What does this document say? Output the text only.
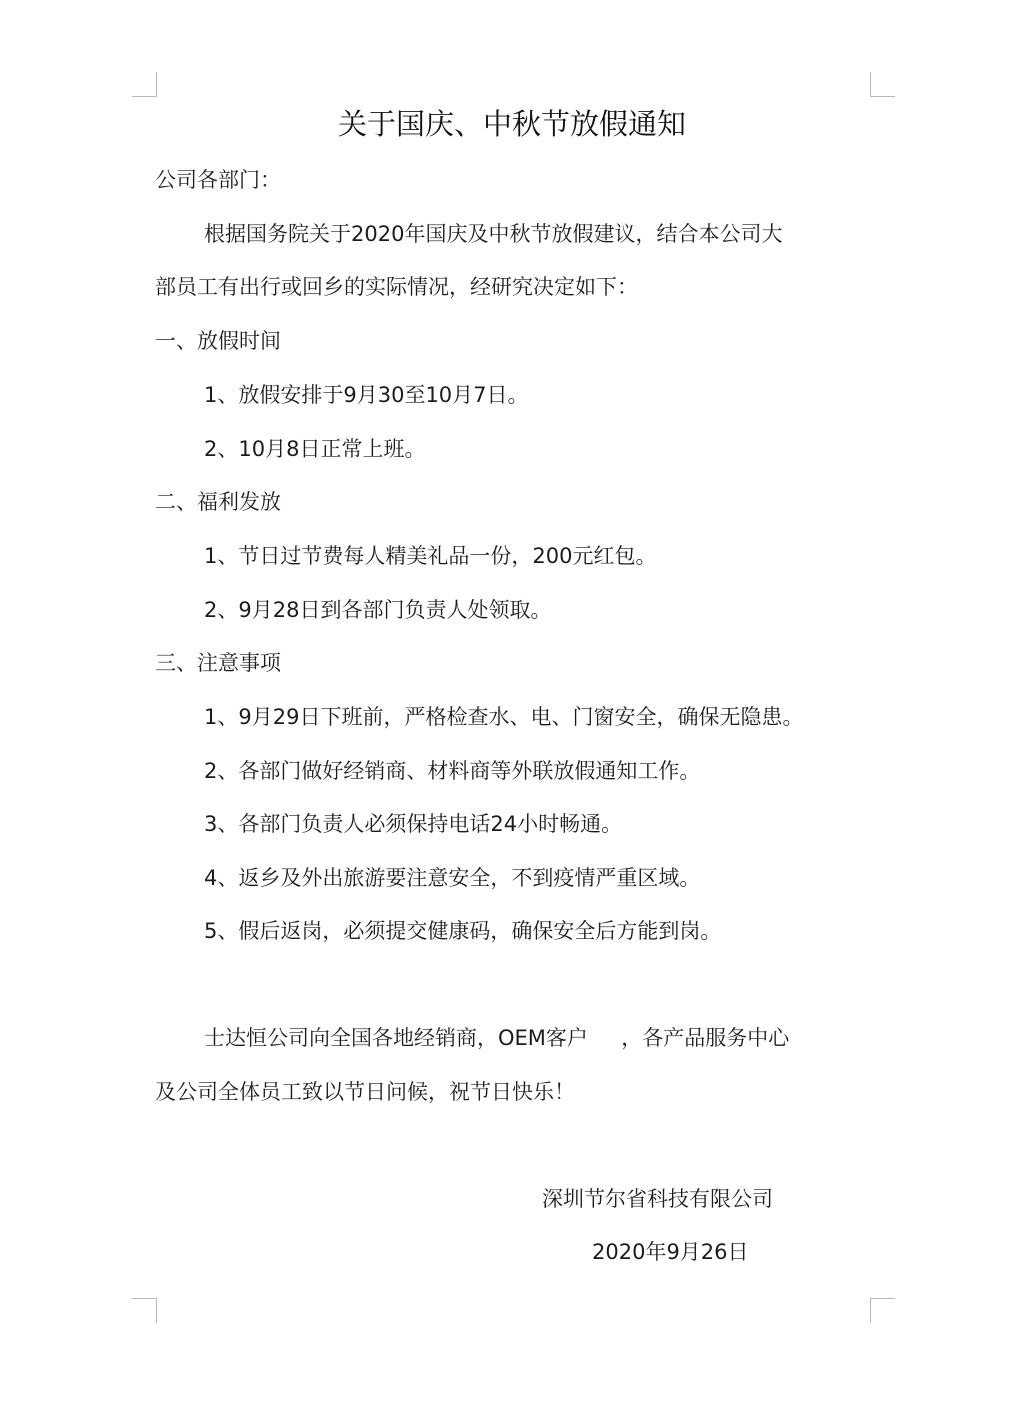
关于国庆、中秋节放假通知
公司各部门：
根据国务院关于2020年国庆及中秋节放假建议，结合本公司大
部员工有出行或回乡的实际情况，经研究决定如下：
一、放假时间
1、放假安排于9月30至10月7日。
2、10月8日正常上班。
二、福利发放
1、节日过节费每人精美礼品一份，200元红包。
2、9月28日到各部门负责人处领取。
三、注意事项
1、9月29日下班前，严格检查水、电、门窗安全，确保无隐患。
2、各部门做好经销商、材料商等外联放假通知工作。
3、各部门负责人必须保持电话24小时畅通。
4、返乡及外出旅游要注意安全，不到疫情严重区域。
5、假后返岗，必须提交健康码，确保安全后方能到岗。
士达恒公司向全国各地经销商，OEM客户     ，各产品服务中心
及公司全体员工致以节日问候，祝节日快乐！
深圳节尔省科技有限公司
2020年9月26日
